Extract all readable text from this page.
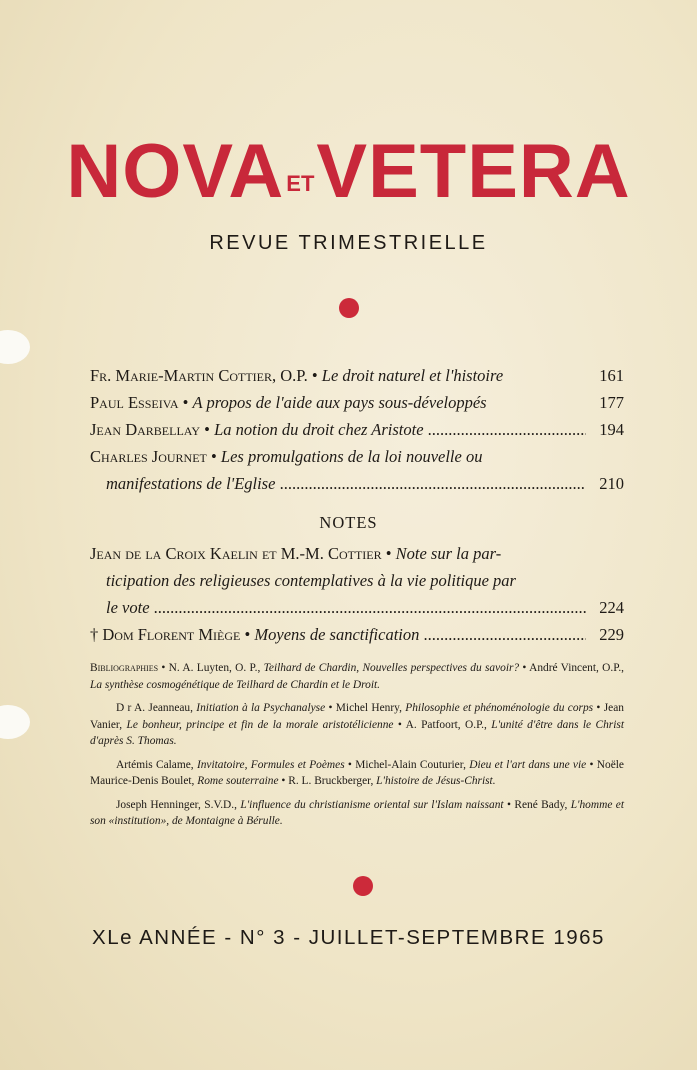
NOVAETVETERA
REVUE TRIMESTRIELLE
Fr. Marie-Martin Cottier, O.P. • Le droit naturel et l'histoire	161
Paul Esseiva • A propos de l'aide aux pays sous-développés	177
Jean Darbellay • La notion du droit chez Aristote .....	194
Charles Journet • Les promulgations de la loi nouvelle ou
manifestations de l'Eglise .....	210
NOTES
Jean de la Croix Kaelin et M.-M. Cottier • Note sur la par-
ticipation des religieuses contemplatives à la vie politique par
le vote .....	224
† Dom Florent Miège • Moyens de sanctification .....	229

Bibliographies • N. A. Luyten, O. P., Teilhard de Chardin, Nouvelles perspectives du savoir? • André Vincent, O.P., La synthèse cosmogénétique de Teilhard de Chardin et le Droit.

D r A. Jeanneau, Initiation à la Psychanalyse • Michel Henry, Philosophie et phénoménologie du corps • Jean Vanier, Le bonheur, principe et fin de la morale aristotélicienne • A. Patfoort, O.P., L'unité d'être dans le Christ d'après S. Thomas.

Artémis Calame, Invitatoire, Formules et Poèmes • Michel-Alain Couturier, Dieu et l'art dans une vie • Noële Maurice-Denis Boulet, Rome souterraine • R. L. Bruckberger, L'histoire de Jésus-Christ.

Joseph Henninger, S.V.D., L'influence du christianisme oriental sur l'Islam naissant • René Bady, L'homme et son «institution», de Montaigne à Bérulle.

XLe ANNÉE - N° 3 - JUILLET-SEPTEMBRE 1965
